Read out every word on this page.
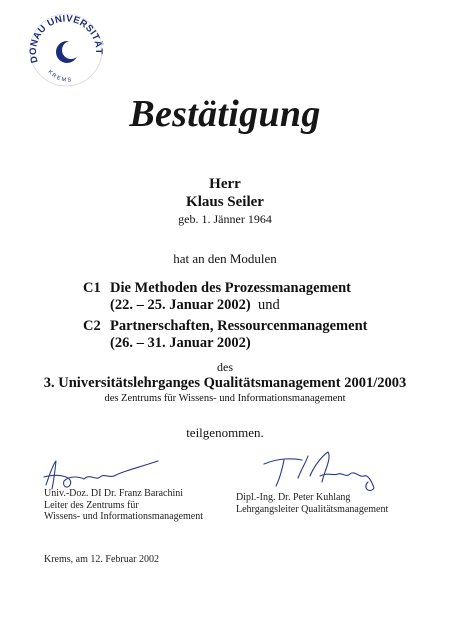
DONAU UNIVERSITÄT
KREMS
Bestätigung
Herr
Klaus Seiler
geb. 1. Jänner 1964
hat an den Modulen
C1 Die Methoden des Prozessmanagement
(22. – 25. Januar 2002) und
C2 Partnerschaften, Ressourcenmanagement
(26. – 31. Januar 2002)
des
3. Universitätslehrganges Qualitätsmanagement 2001/2003
des Zentrums für Wissens- und Informationsmanagement
teilgenommen.
Univ.-Doz. DI Dr. Franz Barachini
Leiter des Zentrums für
Wissens- und Informationsmanagement
Dipl.-Ing. Dr. Peter Kuhlang
Lehrgangsleiter Qualitätsmanagement
Krems, am 12. Februar 2002
